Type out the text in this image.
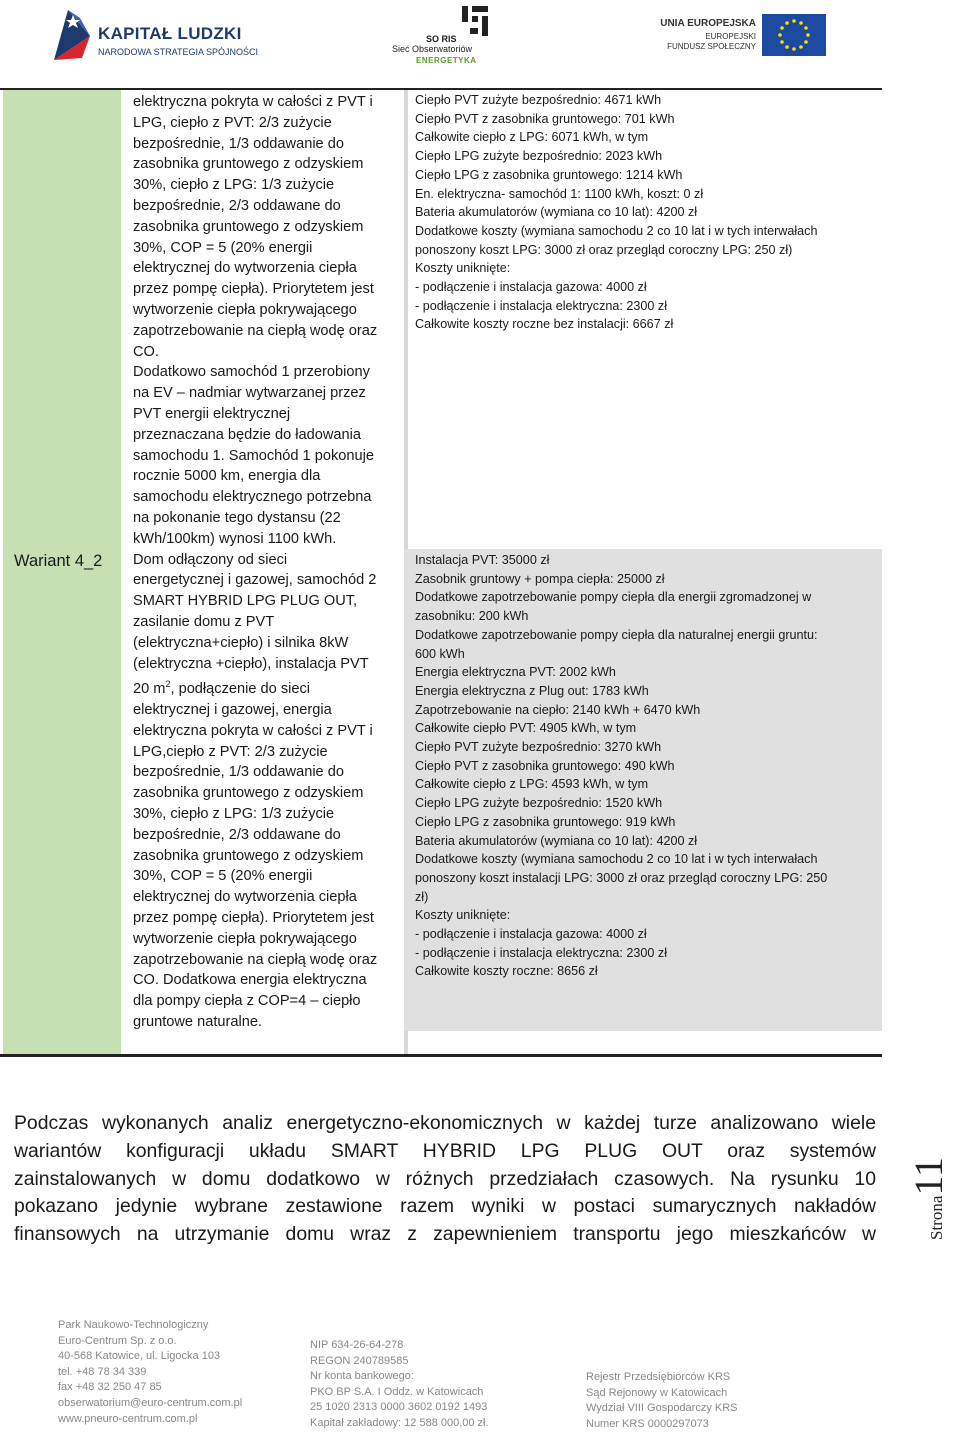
KAPITAŁ LUDZKI
NARODOWA STRATEGIA SPÓJNOŚCI
SO RIS
Sieć Obserwatoriów
ENERGETYKA
UNIA EUROPEJSKA
EUROPEJSKI
FUNDUSZ SPOŁECZNY
Wariant 4_2
elektryczna pokryta w całości z PVT i
LPG, ciepło z PVT: 2/3 zużycie
bezpośrednie, 1/3 oddawanie do
zasobnika gruntowego z odzyskiem
30%, ciepło z LPG: 1/3 zużycie
bezpośrednie, 2/3 oddawane do
zasobnika gruntowego z odzyskiem
30%, COP = 5 (20% energii
elektrycznej do wytworzenia ciepła
przez pompę ciepła). Priorytetem jest
wytworzenie ciepła pokrywającego
zapotrzebowanie na ciepłą wodę oraz
CO.
Dodatkowo samochód 1 przerobiony
na EV – nadmiar wytwarzanej przez
PVT energii elektrycznej
przeznaczana będzie do ładowania
samochodu 1. Samochód 1 pokonuje
rocznie 5000 km, energia dla
samochodu elektrycznego potrzebna
na pokonanie tego dystansu (22
kWh/100km) wynosi 1100 kWh.
Dom odłączony od sieci
energetycznej i gazowej, samochód 2
SMART HYBRID LPG PLUG OUT,
zasilanie domu z PVT
(elektryczna+ciepło) i silnika 8kW
(elektryczna +ciepło), instalacja PVT
20 $m^2$, podłączenie do sieci
elektrycznej i gazowej, energia
elektryczna pokryta w całości z PVT i
LPG,ciepło z PVT: 2/3 zużycie
bezpośrednie, 1/3 oddawanie do
zasobnika gruntowego z odzyskiem
30%, ciepło z LPG: 1/3 zużycie
bezpośrednie, 2/3 oddawane do
zasobnika gruntowego z odzyskiem
30%, COP = 5 (20% energii
elektrycznej do wytworzenia ciepła
przez pompę ciepła). Priorytetem jest
wytworzenie ciepła pokrywającego
zapotrzebowanie na ciepłą wodę oraz
CO. Dodatkowa energia elektryczna
dla pompy ciepła z COP=4 – ciepło
gruntowe naturalne.
Ciepło PVT zużyte bezpośrednio: 4671 kWh
Ciepło PVT z zasobnika gruntowego: 701 kWh
Całkowite ciepło z LPG: 6071 kWh, w tym
Ciepło LPG zużyte bezpośrednio: 2023 kWh
Ciepło LPG z zasobnika gruntowego: 1214 kWh
En. elektryczna- samochód 1: 1100 kWh, koszt: 0 zł
Bateria akumulatorów (wymiana co 10 lat): 4200 zł
Dodatkowe koszty (wymiana samochodu 2 co 10 lat i w tych interwałach
ponoszony koszt LPG: 3000 zł oraz przegląd coroczny LPG: 250 zł)
Koszty uniknięte:
- podłączenie i instalacja gazowa: 4000 zł
- podłączenie i instalacja elektryczna: 2300 zł
Całkowite koszty roczne bez instalacji: 6667 zł
Instalacja PVT: 35000 zł
Zasobnik gruntowy + pompa ciepła: 25000 zł
Dodatkowe zapotrzebowanie pompy ciepła dla energii zgromadzonej w
zasobniku: 200 kWh
Dodatkowe zapotrzebowanie pompy ciepła dla naturalnej energii gruntu:
600 kWh
Energia elektryczna PVT: 2002 kWh
Energia elektryczna z Plug out: 1783 kWh
Zapotrzebowanie na ciepło: 2140 kWh + 6470 kWh
Całkowite ciepło PVT: 4905 kWh, w tym
Ciepło PVT zużyte bezpośrednio: 3270 kWh
Ciepło PVT z zasobnika gruntowego: 490 kWh
Całkowite ciepło z LPG: 4593 kWh, w tym
Ciepło LPG zużyte bezpośrednio: 1520 kWh
Ciepło LPG z zasobnika gruntowego: 919 kWh
Bateria akumulatorów (wymiana co 10 lat): 4200 zł
Dodatkowe koszty (wymiana samochodu 2 co 10 lat i w tych interwałach
ponoszony koszt instalacji LPG: 3000 zł oraz przegląd coroczny LPG: 250
zł)
Koszty uniknięte:
- podłączenie i instalacja gazowa: 4000 zł
- podłączenie i instalacja elektryczna: 2300 zł
Całkowite koszty roczne: 8656 zł
Podczas wykonanych analiz energetyczno-ekonomicznych w każdej turze analizowano wiele
wariantów konfiguracji układu SMART HYBRID LPG PLUG OUT oraz systemów
zainstalowanych w domu dodatkowo w różnych przedziałach czasowych. Na rysunku 10
pokazano jedynie wybrane zestawione razem wyniki w postaci sumarycznych nakładów
finansowych na utrzymanie domu wraz z zapewnieniem transportu jego mieszkańców w	Strona11
Park Naukowo-Technologiczny
Euro-Centrum Sp. z o.o.
40-568 Katowice, ul. Ligocka 103
tel. +48 78 34 339
fax +48 32 250 47 85
obserwatorium@euro-centrum.com.pl
www.pneuro-centrum.com.pl
NIP 634-26-64-278
REGON 240789585
Nr konta bankowego:
PKO BP S.A. I Oddz. w Katowicach
25 1020 2313 0000 3602 0192 1493
Kapitał zakładowy: 12 588 000,00 zł.
Rejestr Przedsiębiorców KRS
Sąd Rejonowy w Katowicach
Wydział VIII Gospodarczy KRS
Numer KRS 0000297073
